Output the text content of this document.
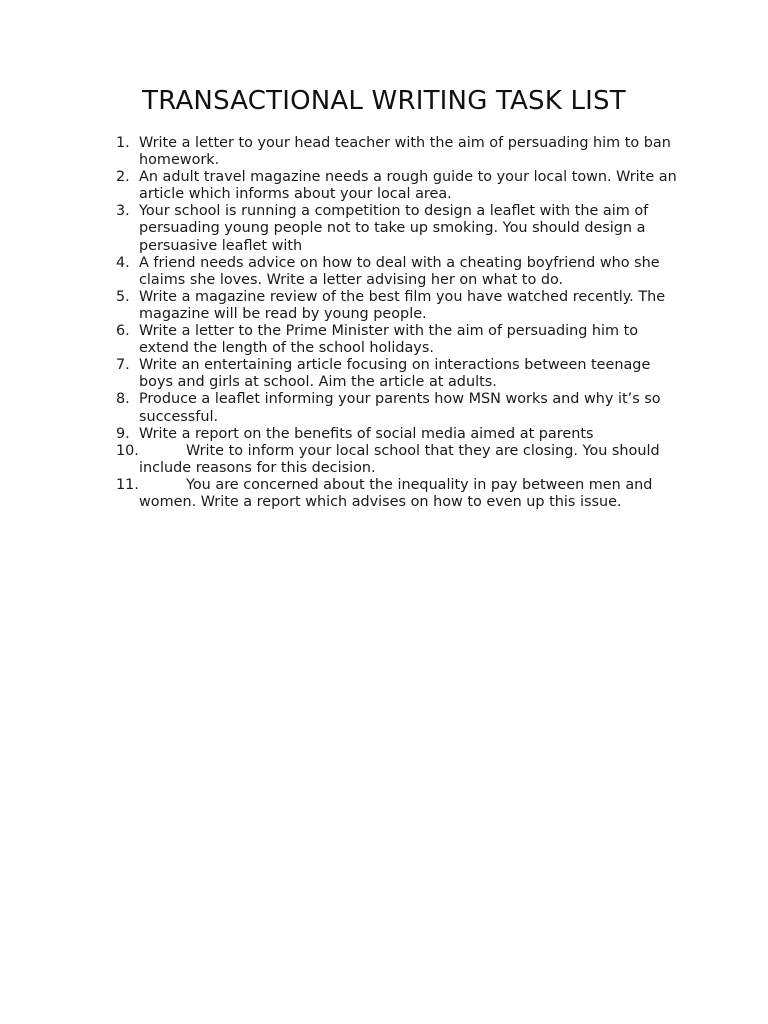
TRANSACTIONAL WRITING TASK LIST
1. Write a letter to your head teacher with the aim of persuading him to ban homework.
2. An adult travel magazine needs a rough guide to your local town. Write an article which informs about your local area.
3. Your school is running a competition to design a leaflet with the aim of persuading young people not to take up smoking. You should design a persuasive leaflet with
4. A friend needs advice on how to deal with a cheating boyfriend who she claims she loves. Write a letter advising her on what to do.
5. Write a magazine review of the best film you have watched recently. The magazine will be read by young people.
6. Write a letter to the Prime Minister with the aim of persuading him to extend the length of the school holidays.
7. Write an entertaining article focusing on interactions between teenage boys and girls at school. Aim the article at adults.
8. Produce a leaflet informing your parents how MSN works and why it’s so successful.
9. Write a report on the benefits of social media aimed at parents
10.	Write to inform your local school that they are closing. You should include reasons for this decision.
11.	You are concerned about the inequality in pay between men and women. Write a report which advises on how to even up this issue.
